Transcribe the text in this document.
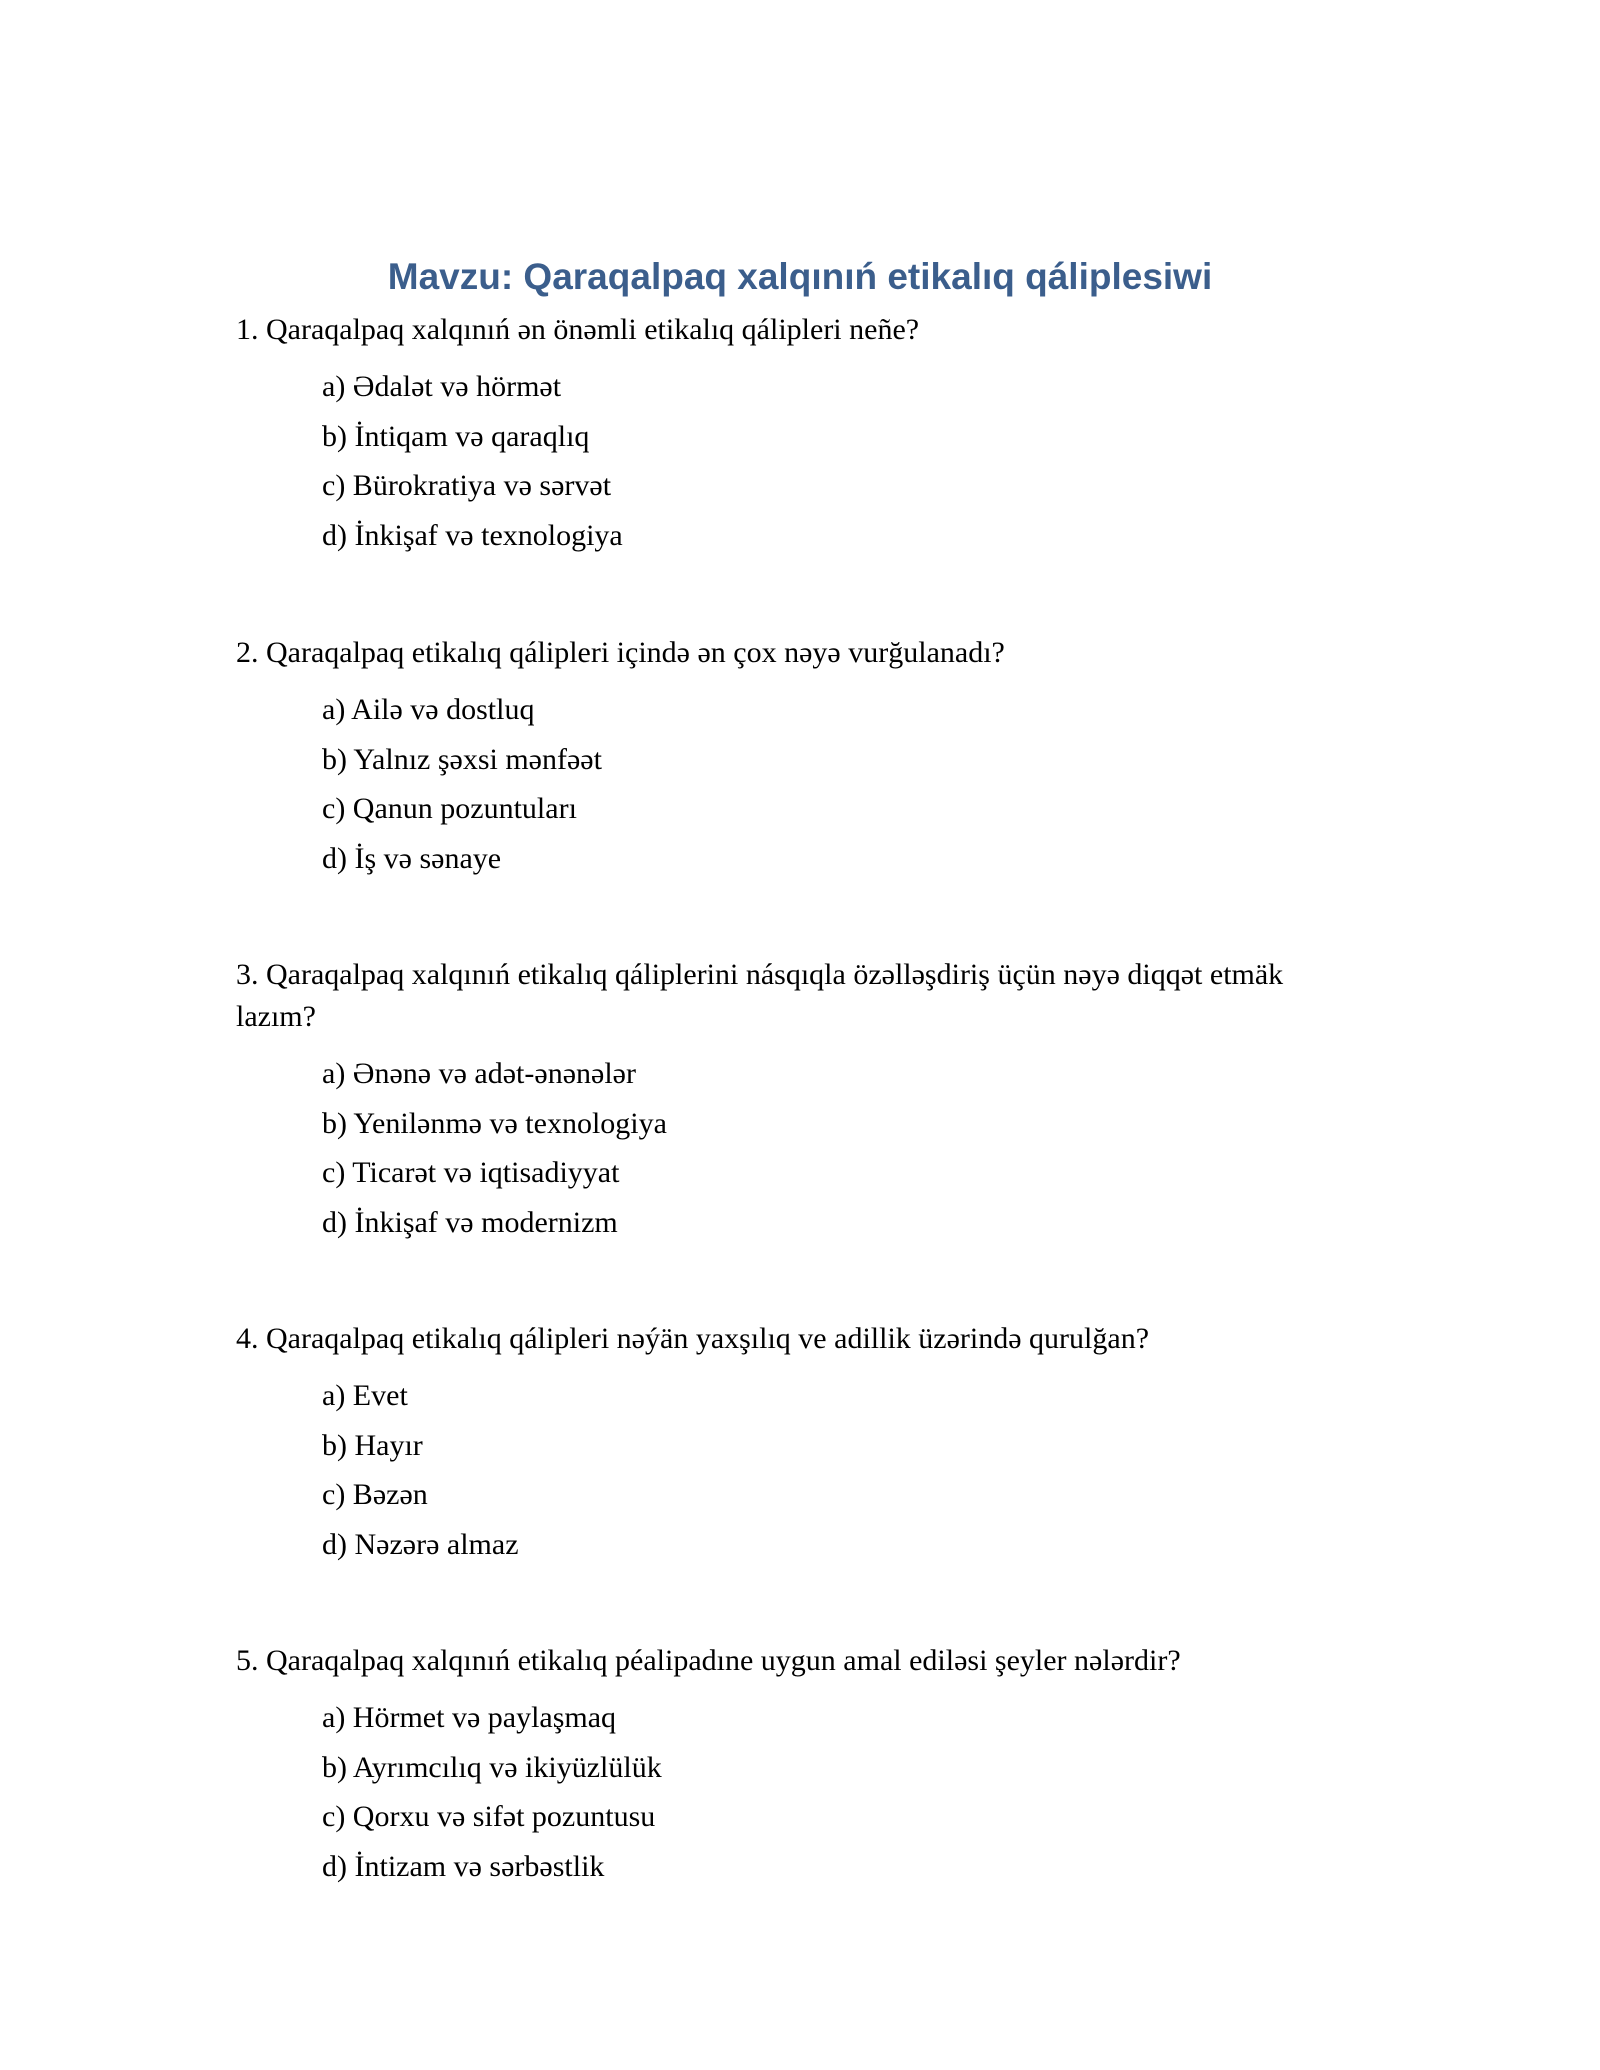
Mavzu: Qaraqalpaq xalqınıń etikalıq qáliplesiwi

1. Qaraqalpaq xalqınıń ən önəmli etikalıq qálipleri neñe?

a) Ədalət və hörmət
b) İntiqam və qaraqlıq
c) Bürokratiya və sərvət
d) İnkişaf və texnologiya

2. Qaraqalpaq etikalıq qálipleri içində ən çox nəyə vurğulanadı?

a) Ailə və dostluq
b) Yalnız şəxsi mənfəət
c) Qanun pozuntuları
d) İş və sənaye

3. Qaraqalpaq xalqınıń etikalıq qáliplerini násqıqla özəlləşdiriş üçün nəyə diqqət etmäk lazım?

a) Ənənə və adət-ənənələr
b) Yenilənmə və texnologiya
c) Ticarət və iqtisadiyyat
d) İnkişaf və modernizm

4. Qaraqalpaq etikalıq qálipleri nəýän yaxşılıq ve adillik üzərində qurulğan?

a) Evet
b) Hayır
c) Bəzən
d) Nəzərə almaz

5. Qaraqalpaq xalqınıń etikalıq péalipadıne uygun amal ediləsi şeyler nələrdir?

a) Hörmet və paylaşmaq
b) Ayrımcılıq və ikiyüzlülük
c) Qorxu və sifət pozuntusu
d) İntizam və sərbəstlik
